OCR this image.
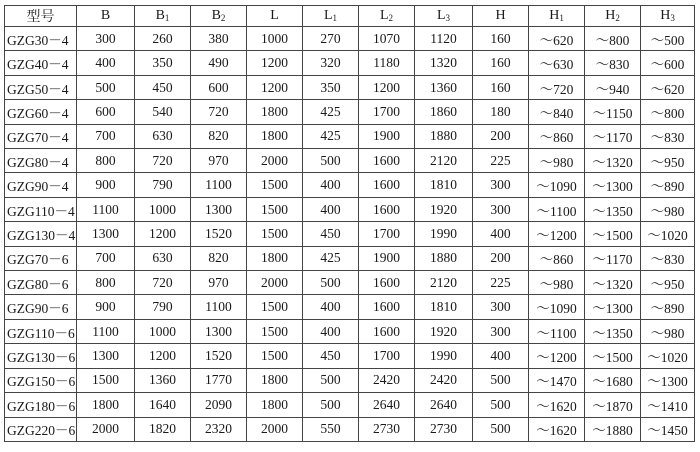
型号	B	$B_1$	$B_2$	L	$L_1$	$L_2$	$L_3$	H	$H_1$	$H_2$	$H_3$
GZG30－4	300	260	380	1000	270	1070	1120	160	～620	～800	～500
GZG40－4	400	350	490	1200	320	1180	1320	160	～630	～830	～600
GZG50－4	500	450	600	1200	350	1200	1360	160	～720	～940	～620
GZG60－4	600	540	720	1800	425	1700	1860	180	～840	～1150	～800
GZG70－4	700	630	820	1800	425	1900	1880	200	～860	～1170	～830
GZG80－4	800	720	970	2000	500	1600	2120	225	～980	～1320	～950
GZG90－4	900	790	1100	1500	400	1600	1810	300	～1090	～1300	～890
GZG110－4	1100	1000	1300	1500	400	1600	1920	300	～1100	～1350	～980
GZG130－4	1300	1200	1520	1500	450	1700	1990	400	～1200	～1500	～1020
GZG70－6	700	630	820	1800	425	1900	1880	200	～860	～1170	～830
GZG80－6	800	720	970	2000	500	1600	2120	225	～980	～1320	～950
GZG90－6	900	790	1100	1500	400	1600	1810	300	～1090	～1300	～890
GZG110－6	1100	1000	1300	1500	400	1600	1920	300	～1100	～1350	～980
GZG130－6	1300	1200	1520	1500	450	1700	1990	400	～1200	～1500	～1020
GZG150－6	1500	1360	1770	1800	500	2420	2420	500	～1470	～1680	～1300
GZG180－6	1800	1640	2090	1800	500	2640	2640	500	～1620	～1870	～1410
GZG220－6	2000	1820	2320	2000	550	2730	2730	500	～1620	～1880	～1450
